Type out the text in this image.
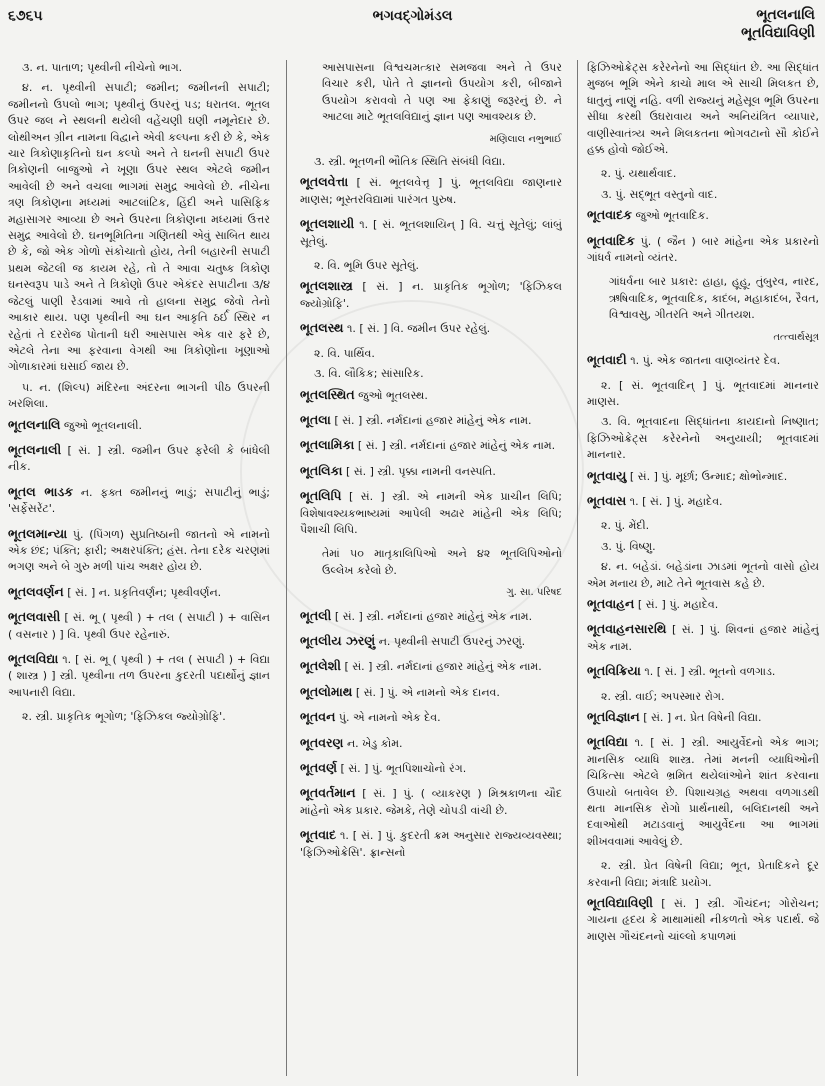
૬૭૬૫	ભગવદ્ગોમંડલ	ભૂતલનાલિ
ભૂતવિદ્યાવિણી

૩. ન. પાતાળ; પૃથ્વીની નીચેનો ભાગ.

૪. ન. પૃથ્વીની સપાટી; જમીન; જમીનની સપાટી; જમીનનો ઉપલો ભાગ; પૃથ્વીનું ઉપરનું પડ; ધરાતલ. ભૂતલ ઉપર જલ ને સ્થલની થયેલી વહેંચણી ઘણી નમૂનેદાર છે. લોથીઅન ગ્રીન નામના વિદ્વાને એવી કલ્પના કરી છે કે, એક ચાર ત્રિકોણાકૃતિનો ઘન કલ્પો અને તે ઘનની સપાટી ઉપર ત્રિકોણની બાજુઓ ને ખૂણા ઉપર સ્થલ એટલે જમીન આવેલી છે અને વચલા ભાગમાં સમુદ્ર આવેલો છે. નીચેના ત્રણ ત્રિકોણના મધ્યમાં આટલાંટિક, હિંદી અને પાસિફિક મહાસાગર આવ્યા છે અને ઉપરના ત્રિકોણના મધ્યમાં ઉત્તર સમુદ્ર આવેલો છે. ઘનભૂમિતિના ગણિતથી એવું સાબિત થાય છે કે, જો એક ગોળો સંકોચાતો હોય, તેની બહારની સપાટી પ્રથમ જેટલી જ કાયમ રહે, તો તે આવા ચતુષ્ક ત્રિકોણ ઘનસ્વરૂપ પાડે અને તે ત્રિકોણો ઉપર એકંદર સપાટીના ૩/૪ જેટલું પાણી રેડવામાં આવે તો હાલના સમુદ્ર જેવો તેનો આકાર થાય. પણ પૃથ્વીની આ ઘન આકૃતિ ઠર્ઈ સ્થિર ન રહેતાં તે દરરોજ પોતાની ધરી આસપાસ એક વાર ફરે છે, એટલે તેના આ ફરવાના વેગથી આ ત્રિકોણોના ખૂણાઓ ગોળાકારમાં ઘસાઈ જાય છે.

૫. ન. (શિલ્પ) મંદિરના અંદરના ભાગની પીઠ ઉપરની ખરશિલા.

ભૂતલનાલિ જુઓ ભૂતલનાલી.

ભૂતલનાલી [ સં. ] સ્ત્રી. જમીન ઉપર ફરેલી કે બાંધેલી નીક.

ભૂતલ ભાડક ન. ફક્ત જમીનનું ભાડું; સપાટીનું ભાડું; 'સર્ફેસરેંટ'.

ભૂતલમાન્યા પું. (પિંગળ) સુપ્રતિષ્ઠાની જાતનો એ નામનો એક છંદ; પંક્તિ; ફારી; અક્ષરપંક્તિ; હંસ. તેના દરેક ચરણમાં ભગણ અને બે ગુરુ મળી પાંચ અક્ષર હોય છે.

ભૂતલવર્ણન [ સં. ] ન. પ્રકૃતિવર્ણન; પૃથ્વીવર્ણન.

ભૂતલવાસી [ સં. ભૂ ( પૃથ્વી ) + તલ ( સપાટી ) + વાસિન ( વસનાર ) ] વિ. પૃથ્વી ઉપર રહેનારું.

ભૂતલવિદ્યા ૧. [ સં. ભૂ ( પૃથ્વી ) + તલ ( સપાટી ) + વિદ્યા ( શાસ્ત્ર ) ] સ્ત્રી. પૃથ્વીના તળ ઉપરના કુદરતી પદાર્થોનું જ્ઞાન આપનારી વિદ્યા.

૨. સ્ત્રી. પ્રાકૃતિક ભૂગોળ; 'ફિઝિકલ જ્યોગ્રોફિ'.

આસપાસના વિશ્વચમત્કાર સમજવા અને તે ઉપર વિચાર કરી, પોતે તે જ્ઞાનનો ઉપયોગ કરી, બીજાને ઉપયોગ કરાવવો તે પણ આ ફેકાણું જરૂરનું છે. ને આટલા માટે ભૂતલવિદ્યાનું જ્ઞાન પણ આવશ્યક છે.

મણિલાલ નભુભાઈ

૩. સ્ત્રી. ભૂતળની ભૌતિક સ્થિતિ સંબંધી વિદ્યા.

ભૂતલવેત્તા [ સં. ભૂતલવેત્તૃ ] પું. ભૂતલવિદ્યા જાણનાર માણસ; ભૂસ્તરવિદ્યામાં પારંગત પુરુષ.

ભૂતલશાયી ૧. [ સં. ભૂતલશાયિન્ ] વિ. ચત્તું સૂતેલું; લાંબું સૂતેલું.

૨. વિ. ભૂમિ ઉપર સૂતેલું.

ભૂતલશાસ્ત્ર [ સં. ] ન. પ્રાકૃતિક ભૂગોળ; 'ફિઝિકલ જ્યોગ્રોફિ'.

ભૂતલસ્થ ૧. [ સં. ] વિ. જમીન ઉપર રહેલું.

૨. વિ. પાર્થિવ.

૩. વિ. લૌકિક; સાંસારિક.

ભૂતલસ્થિત જુઓ ભૂતલસ્થ.

ભૂતલા [ સં. ] સ્ત્રી. નર્મદાનાં હજાર માંહેનું એક નામ.

ભૂતલામિકા [ સં. ] સ્ત્રી. નર્મદાનાં હજાર માંહેનું એક નામ.

ભૂતલિકા [ સં. ] સ્ત્રી. પૃક્કા નામની વનસ્પતિ.

ભૂતલિપિ [ સં. ] સ્ત્રી. એ નામની એક પ્રાચીન લિપિ; વિશેષાવશ્યકભાષ્યમાં આપેલી અઢાર માંહેની એક લિપિ; પૈશાચી લિપિ.

તેમાં ૫૦ માતૃકાલિપિઓ અને ૪૨ ભૂતલિપિઓનો ઉલ્લેખ કરેલો છે.

ગુ. સા. પરિષદ

ભૂતલી [ સં. ] સ્ત્રી. નર્મદાનાં હજાર માંહેનું એક નામ.

ભૂતલીય ઝરણું ન. પૃથ્વીની સપાટી ઉપરનું ઝરણું.

ભૂતલેશી [ સં. ] સ્ત્રી. નર્મદાનાં હજાર માંહેનું એક નામ.

ભૂતલોમાથ [ સં. ] પું. એ નામનો એક દાનવ.

ભૂતવન પું. એ નામનો એક દેવ.

ભૂતવરણ ન. ખેડુ કોમ.

ભૂતવર્ણ [ સં. ] પું. ભૂતપિશાચોનો રંગ.

ભૂતવર્તમાન [ સં. ] પું. ( વ્યાકરણ ) મિશ્રકાળના ચૌદ માંહેનો એક પ્રકાર. જેમકે, તેણે ચોપડી વાંચી છે.

ભૂતવાદ ૧. [ સં. ] પું. કુદરતી ક્રમ અનુસાર રાજ્યવ્યવસ્થા; 'ફિઝિઓક્રેસિ'. ફ્રાન્સનો

ફિઝિઓક્રેટ્સ કરેરનેનો આ સિદ્ધાંત છે. આ સિદ્ધાંત મુજબ ભૂમિ એને કાચો માલ એ સાચી મિલકત છે, ધાતુનું નાણું નહિ. વળી રાજ્યનું મહેસૂલ ભૂમિ ઉપરના સીધા કરથી ઉઘરાવાય અને અનિયંત્રિત વ્યાપાર, વાણીસ્વાતંત્ર્ય અને મિલકતના ભોગવટાનો સૌ કોઈને હક્ક હોવો જોઈએ.

૨. પું. યથાર્થવાદ.

૩. પું. સદ્ભૂત વસ્તુનો વાદ.

ભૂતવાદક જુઓ ભૂતવાદિક.

ભૂતવાદિક પું. ( જૈન ) બાર માંહેના એક પ્રકારનો ગાંધર્વ નામનો વ્યંતર.

ગાંધર્વના બાર પ્રકાર: હાહા, હૂહૂ, તુંબુરવ, નારદ, ઋષિવાદિક, ભૂતવાદિક, કાદંબ, મહાકાદંબ, રૈવત, વિશ્વાવસુ, ગીતરતિ અને ગીતયશ.

તત્ત્વાર્થસૂત્ર

ભૂતવાદી ૧. પું. એક જાતના વાણવ્યંતર દેવ.

૨. [ સં. ભૂતવાદિન્ ] પું. ભૂતવાદમાં માનનાર માણસ.

૩. વિ. ભૂતવાદના સિદ્ધાંતના કાયદાનો નિષ્ણાત; ફિઝિઓક્રેટ્સ કરેરનેનો અનુયાયી; ભૂતવાદમાં માનનાર.

ભૂતવાયુ [ સં. ] પું. મૂર્છા; ઉન્માદ; ક્ષોભોન્માદ.

ભૂતવાસ ૧. [ સં. ] પું. મહાદેવ.

૨. પું. મેંદી.

૩. પું. વિષ્ણુ.

૪. ન. બહેડાં. બહેડાંના ઝાડમાં ભૂતનો વાસો હોય એમ મનાય છે, માટે તેને ભૂતવાસ કહે છે.

ભૂતવાહન [ સં. ] પું. મહાદેવ.

ભૂતવાહનસારથિ [ સં. ] પું. શિવનાં હજાર માંહેનું એક નામ.

ભૂતવિક્રિયા ૧. [ સં. ] સ્ત્રી. ભૂતનો વળગાડ.

૨. સ્ત્રી. વાઈ; અપસ્માર રોગ.

ભૂતવિજ્ઞાન [ સં. ] ન. પ્રેત વિષેની વિદ્યા.

ભૂતવિદ્યા ૧. [ સં. ] સ્ત્રી. આયુર્વેદનો એક ભાગ; માનસિક વ્યાધિ શાસ્ત્ર. તેમાં મનની વ્યાધિઓની ચિકિત્સા એટલે ભ્રમિત થયેલાંઓને શાંત કરવાના ઉપાયો બતાવેલ છે. પિશાચગ્રહ અથવા વળગાડથી થતા માનસિક રોગો પ્રાર્થનાથી, બલિદાનથી અને દવાઓથી મટાડવાનું આયુર્વેદના આ ભાગમાં શીખવવામાં આવેલું છે.

૨. સ્ત્રી. પ્રેત વિષેની વિદ્યા; ભૂત, પ્રેતાદિકને દૂર કરવાની વિદ્યા; મંત્રાદિ પ્રયોગ.

ભૂતવિદ્યાવિણી [ સં. ] સ્ત્રી. ગૌચંદન; ગોરોચન; ગાયના હૃદય કે માથામાંથી નીકળતો એક પદાર્થ. જે માણસ ગૌચંદનનો ચાંલ્લો કપાળમાં
